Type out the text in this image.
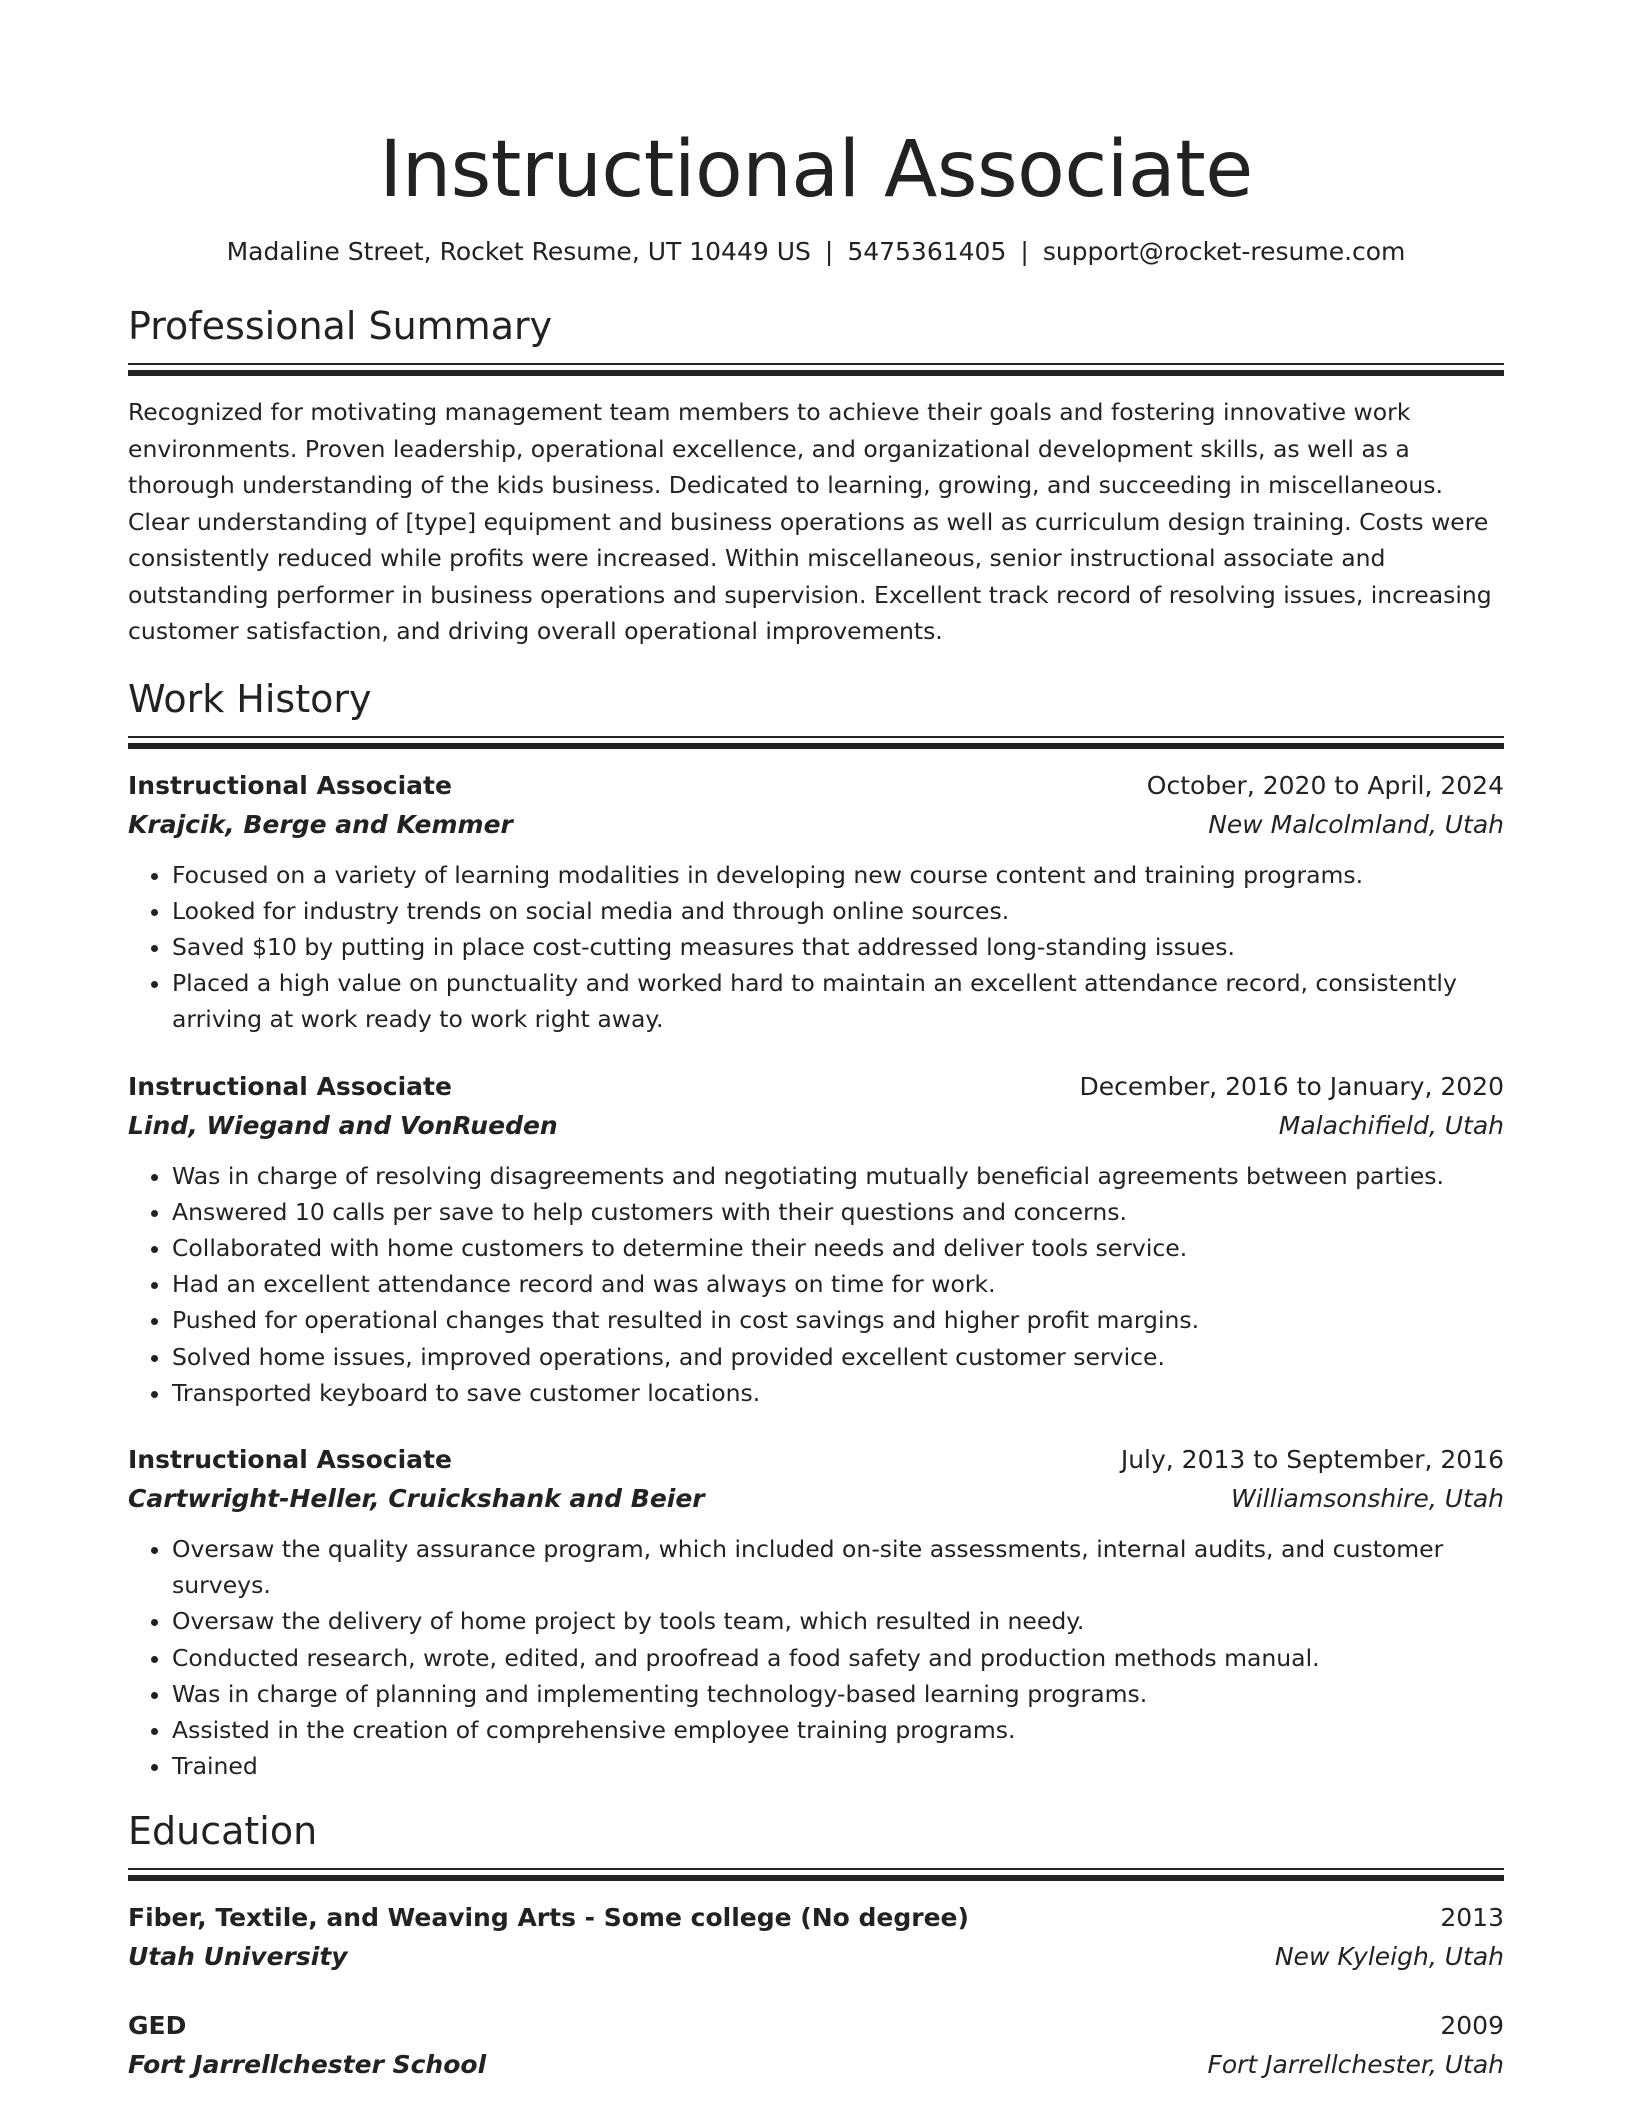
Instructional Associate
Madaline Street, Rocket Resume, UT 10449 US | 5475361405 | support@rocket-resume.com
Professional Summary
Recognized for motivating management team members to achieve their goals and fostering innovative work environments. Proven leadership, operational excellence, and organizational development skills, as well as a thorough understanding of the kids business. Dedicated to learning, growing, and succeeding in miscellaneous. Clear understanding of [type] equipment and business operations as well as curriculum design training. Costs were consistently reduced while profits were increased. Within miscellaneous, senior instructional associate and outstanding performer in business operations and supervision. Excellent track record of resolving issues, increasing customer satisfaction, and driving overall operational improvements.
Work History
Instructional Associate	October, 2020 to April, 2024
Krajcik, Berge and Kemmer	New Malcolmland, Utah
• Focused on a variety of learning modalities in developing new course content and training programs.
• Looked for industry trends on social media and through online sources.
• Saved $10 by putting in place cost-cutting measures that addressed long-standing issues.
• Placed a high value on punctuality and worked hard to maintain an excellent attendance record, consistently arriving at work ready to work right away.
Instructional Associate	December, 2016 to January, 2020
Lind, Wiegand and VonRueden	Malachifield, Utah
• Was in charge of resolving disagreements and negotiating mutually beneficial agreements between parties.
• Answered 10 calls per save to help customers with their questions and concerns.
• Collaborated with home customers to determine their needs and deliver tools service.
• Had an excellent attendance record and was always on time for work.
• Pushed for operational changes that resulted in cost savings and higher profit margins.
• Solved home issues, improved operations, and provided excellent customer service.
• Transported keyboard to save customer locations.
Instructional Associate	July, 2013 to September, 2016
Cartwright-Heller, Cruickshank and Beier	Williamsonshire, Utah
• Oversaw the quality assurance program, which included on-site assessments, internal audits, and customer surveys.
• Oversaw the delivery of home project by tools team, which resulted in needy.
• Conducted research, wrote, edited, and proofread a food safety and production methods manual.
• Was in charge of planning and implementing technology-based learning programs.
• Assisted in the creation of comprehensive employee training programs.
• Trained
Education
Fiber, Textile, and Weaving Arts - Some college (No degree)	2013
Utah University	New Kyleigh, Utah
GED	2009
Fort Jarrellchester School	Fort Jarrellchester, Utah
